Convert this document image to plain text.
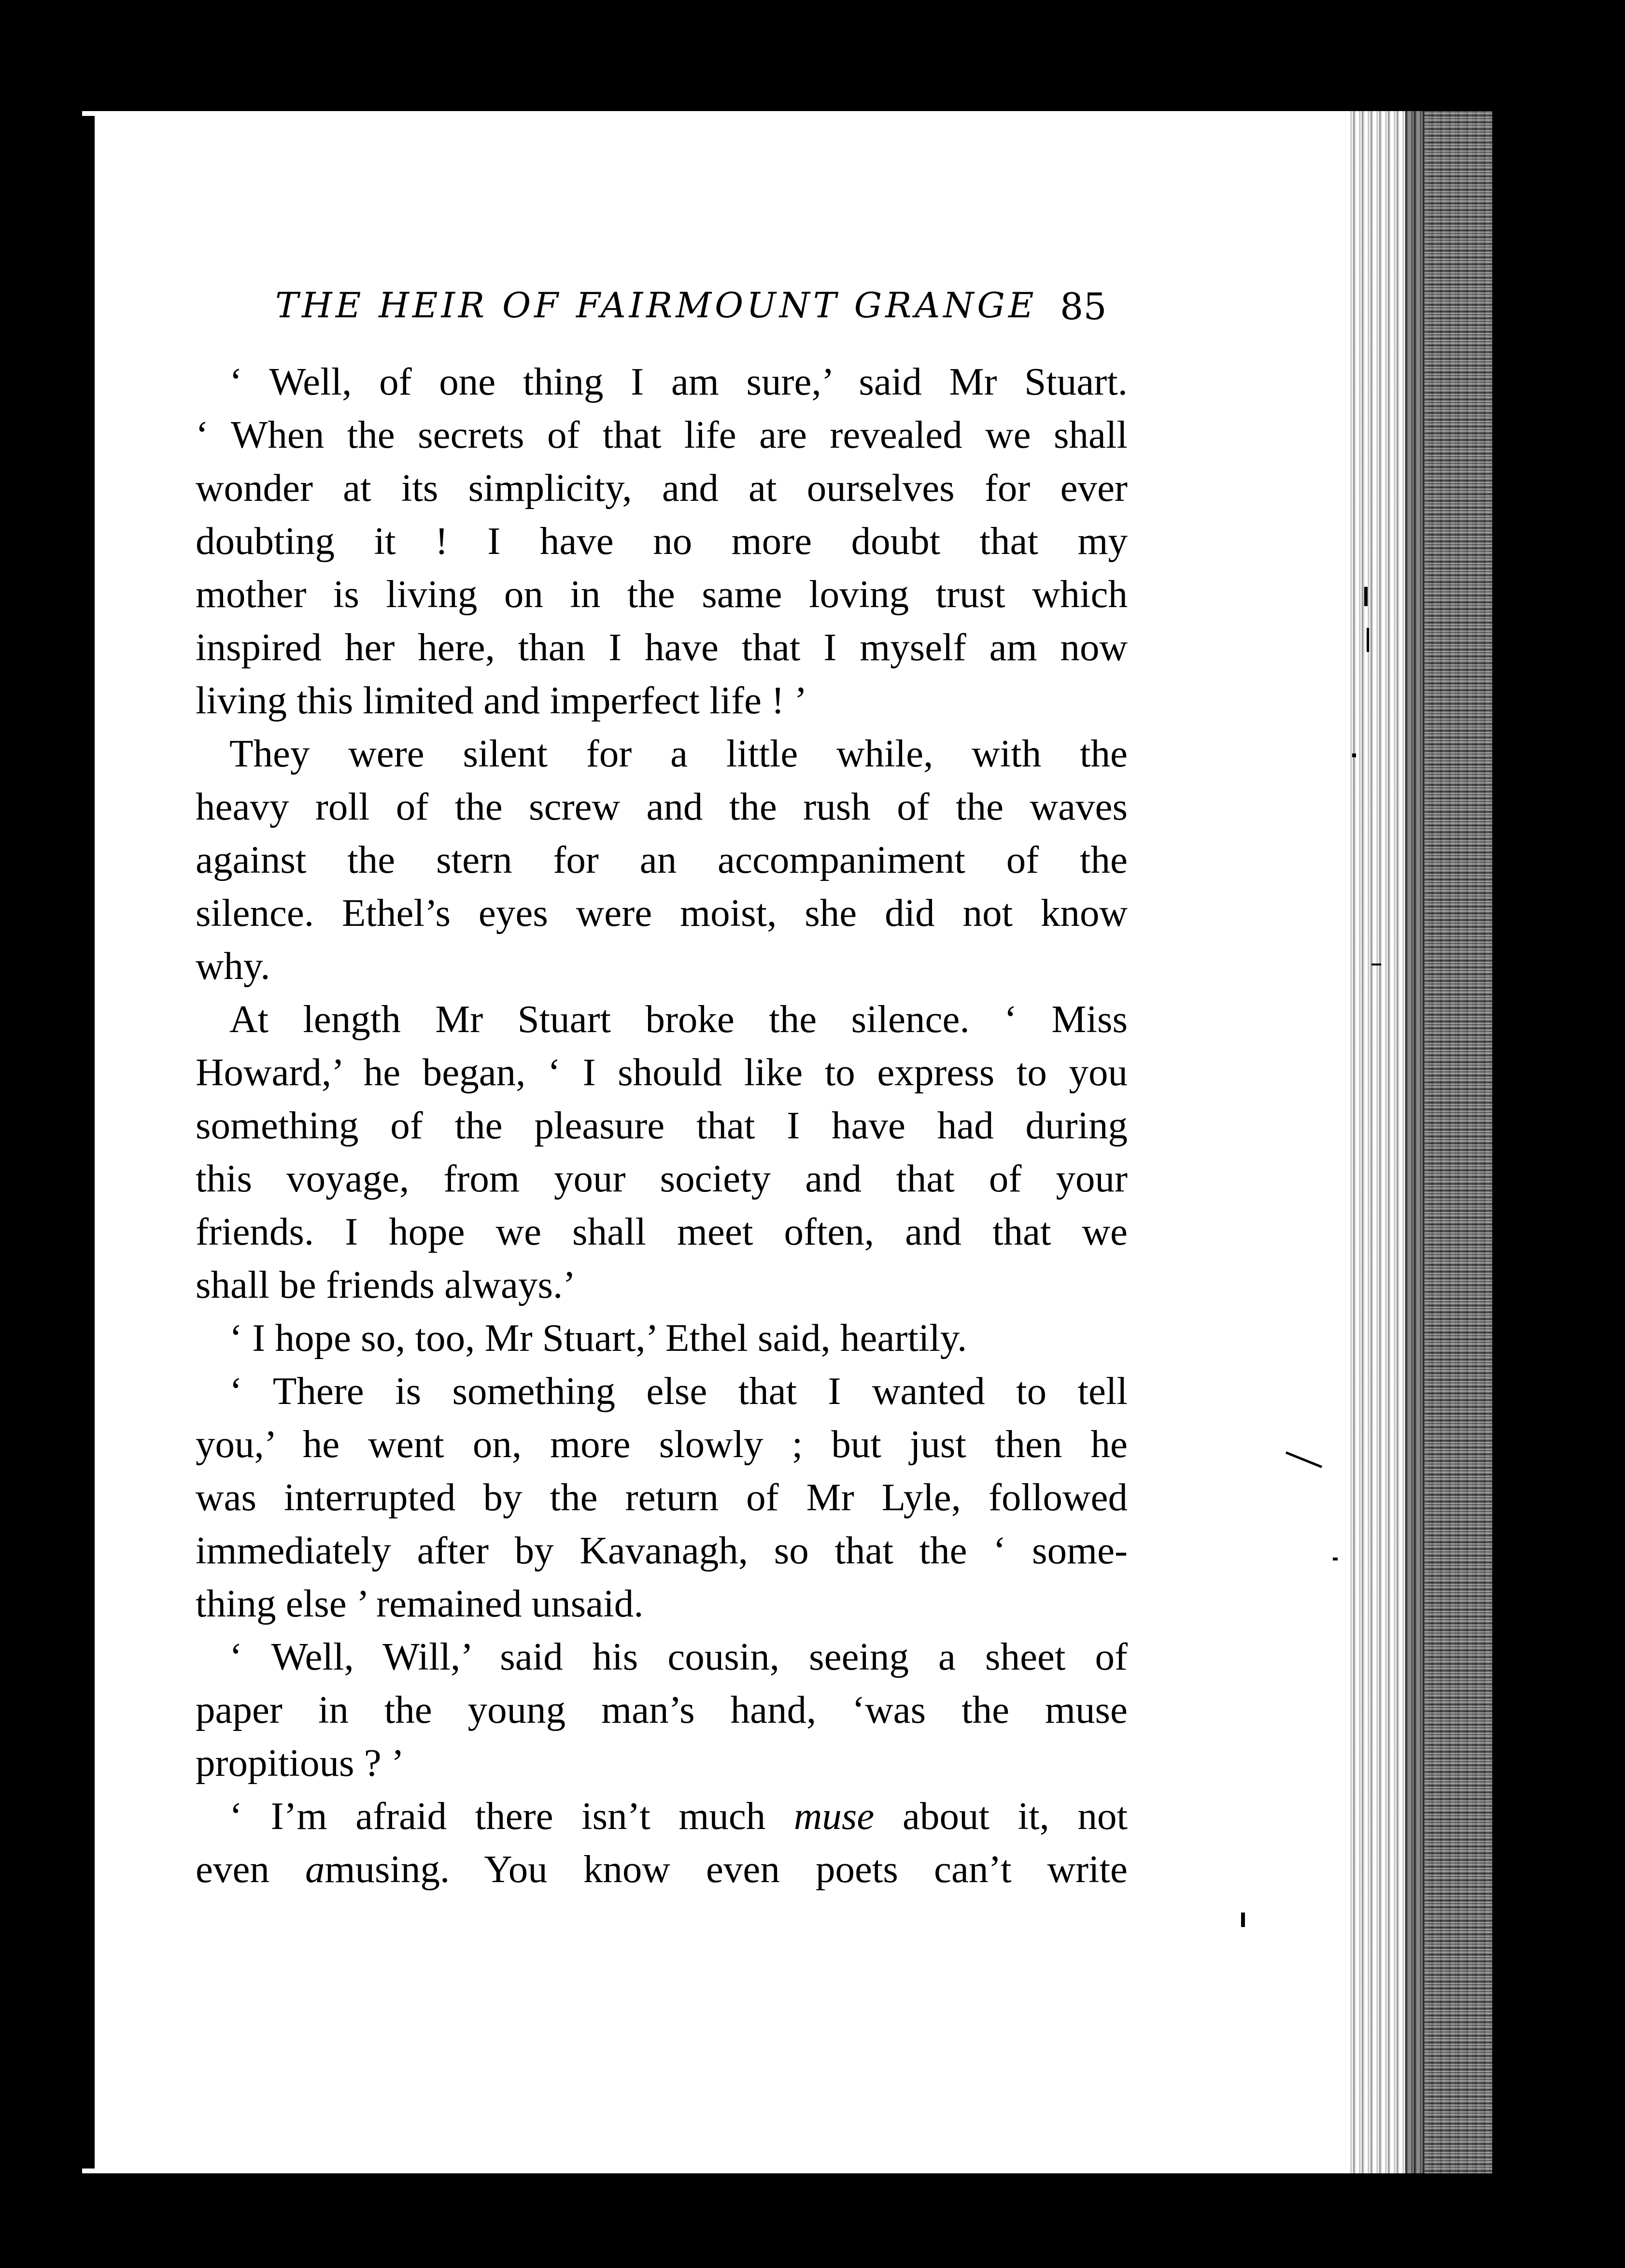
THE HEIR OF FAIRMOUNT GRANGE 85
‘ Well, of one thing I am sure,’ said Mr Stuart.
‘ When the secrets of that life are revealed we shall
wonder at its simplicity, and at ourselves for ever
doubting it ! I have no more doubt that my
mother is living on in the same loving trust which
inspired her here, than I have that I myself am now
living this limited and imperfect life ! ’
They were silent for a little while, with the
heavy roll of the screw and the rush of the waves
against the stern for an accompaniment of the
silence. Ethel’s eyes were moist, she did not know
why.
At length Mr Stuart broke the silence. ‘ Miss
Howard,’ he began, ‘ I should like to express to you
something of the pleasure that I have had during
this voyage, from your society and that of your
friends. I hope we shall meet often, and that we
shall be friends always.’
‘ I hope so, too, Mr Stuart,’ Ethel said, heartily.
‘ There is something else that I wanted to tell
you,’ he went on, more slowly ; but just then he
was interrupted by the return of Mr Lyle, followed
immediately after by Kavanagh, so that the ‘ some-
thing else ’ remained unsaid.
‘ Well, Will,’ said his cousin, seeing a sheet of
paper in the young man’s hand, ‘was the muse
propitious ? ’
‘ I’m afraid there isn’t much muse about it, not
even amusing. You know even poets can’t write
